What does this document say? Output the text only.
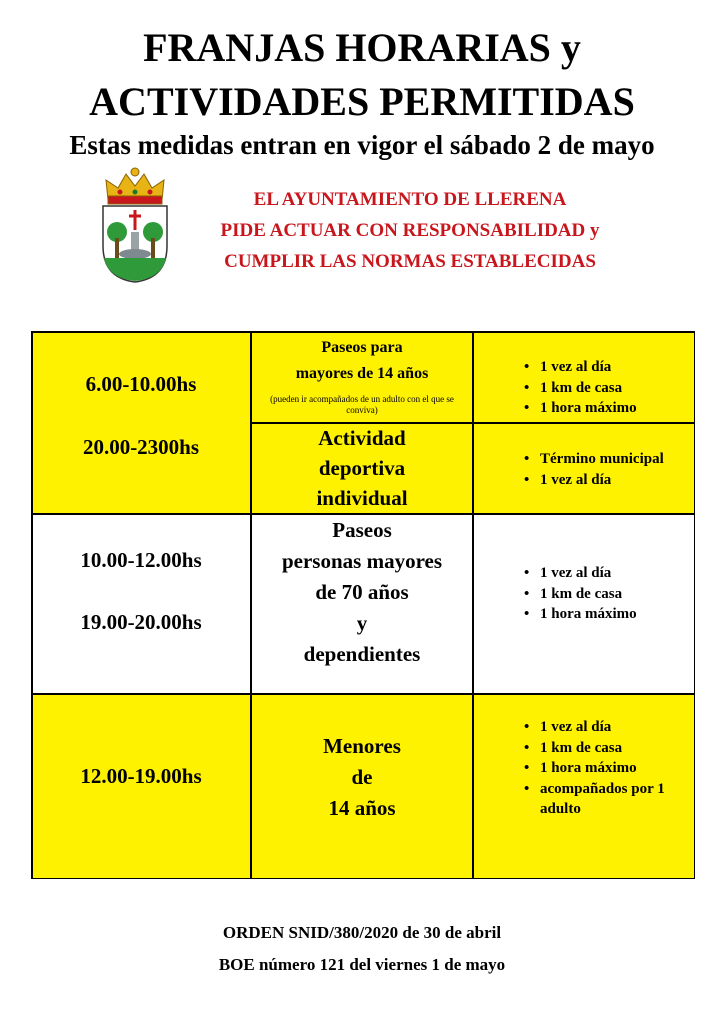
FRANJAS HORARIAS y
ACTIVIDADES PERMITIDAS
Estas medidas entran en vigor el sábado 2 de mayo
EL AYUNTAMIENTO DE LLERENA
PIDE ACTUAR CON RESPONSABILIDAD y
CUMPLIR LAS NORMAS ESTABLECIDAS
6.00-10.00hs
20.00-2300hs
Paseos para
mayores de 14 años
(pueden ir acompañados de un adulto con el que se conviva)
• 1 vez al día
• 1 km de casa
• 1 hora máximo
Actividad
deportiva
individual
• Término municipal
• 1 vez al día
10.00-12.00hs
19.00-20.00hs
Paseos
personas mayores
de 70 años
y
dependientes
• 1 vez al día
• 1 km de casa
• 1 hora máximo
12.00-19.00hs
Menores
de
14 años
• 1 vez al día
• 1 km de casa
• 1 hora máximo
• acompañados por 1 adulto
ORDEN SNID/380/2020 de 30 de abril
BOE número 121 del viernes 1 de mayo
